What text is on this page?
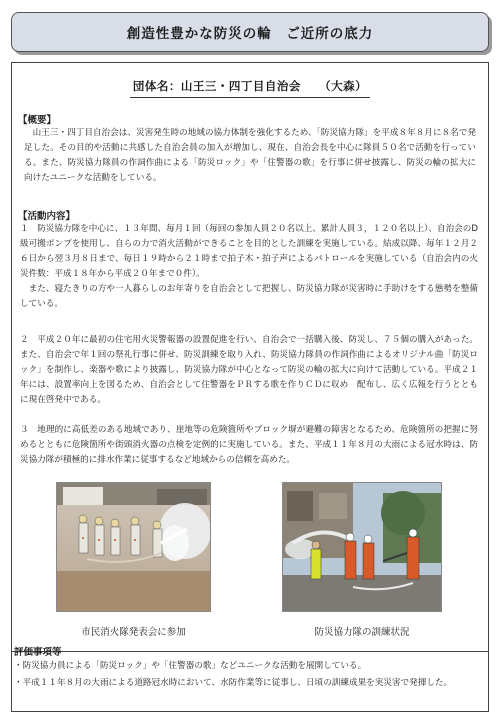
創造性豊かな防災の輪　ご近所の底力
団体名：山王三・四丁目自治会　　（大森）
【概要】
　山王三・四丁目自治会は、災害発生時の地域の協力体制を強化するため、「防災協力隊」を平成８年８月に８名で発足した。その目的や活動に共感した自治会員の加入が増加し、現在、自治会長を中心に隊員５０名で活動を行っている。また、防災協力隊員の作詞作曲による「防災ロック」や「住警器の歌」を行事に併せ披露し、防災の輪の拡大に向けたユニークな活動をしている。
【活動内容】
１　防災協力隊を中心に、１３年間、毎月１回（毎回の参加人員２０名以上、累計人員３，１２０名以上）、自治会のD級可搬ポンプを使用し、自らの力で消火活動ができることを目的とした訓練を実施している。結成以降、毎年１２月２６日から翌３月８日まで、毎日１９時から２１時まで拍子木・拍子声によるパトロールを実施している（自治会内の火災件数：平成１８年から平成２０年まで０件）。
　また、寝たきりの方や一人暮らしのお年寄りを自治会として把握し、防災協力隊が災害時に手助けをする態勢を整備している。
２　平成２０年に最初の住宅用火災警報器の設置促進を行い、自治会で一括購入後、防災し、７５個の購入があった。また、自治会で年１回の祭礼行事に併せ、防災訓練を取り入れ、防災協力隊員の作詞作曲によるオリジナル曲「防災ロック」を制作し、楽器や歌により披露し、防災協力隊が中心となって防災の輪の拡大に向けて活動している。平成２１年には、設置率向上を図るため、自治会として住警器をＰＲする歌を作りＣＤに収め　配布し、広く広報を行うとともに現在啓発中である。
３　地理的に高低差のある地域であり、崖地等の危険箇所やブロック塀が避難の障害となるため、危険箇所の把握に努めるとともに危険箇所や街頭消火器の点検を定例的に実施している。また、平成１１年８月の大雨による冠水時は、防災協力隊が積極的に排水作業に従事するなど地域からの信頼を高めた。
市民消火隊発表会に参加	防災協力隊の訓練状況
評価事項等
・防災協力員による「防災ロック」や「住警器の歌」などユニークな活動を展開している。
・平成１１年８月の大雨による道路冠水時において、水防作業等に従事し、日頃の訓練成果を実災害で発揮した。
